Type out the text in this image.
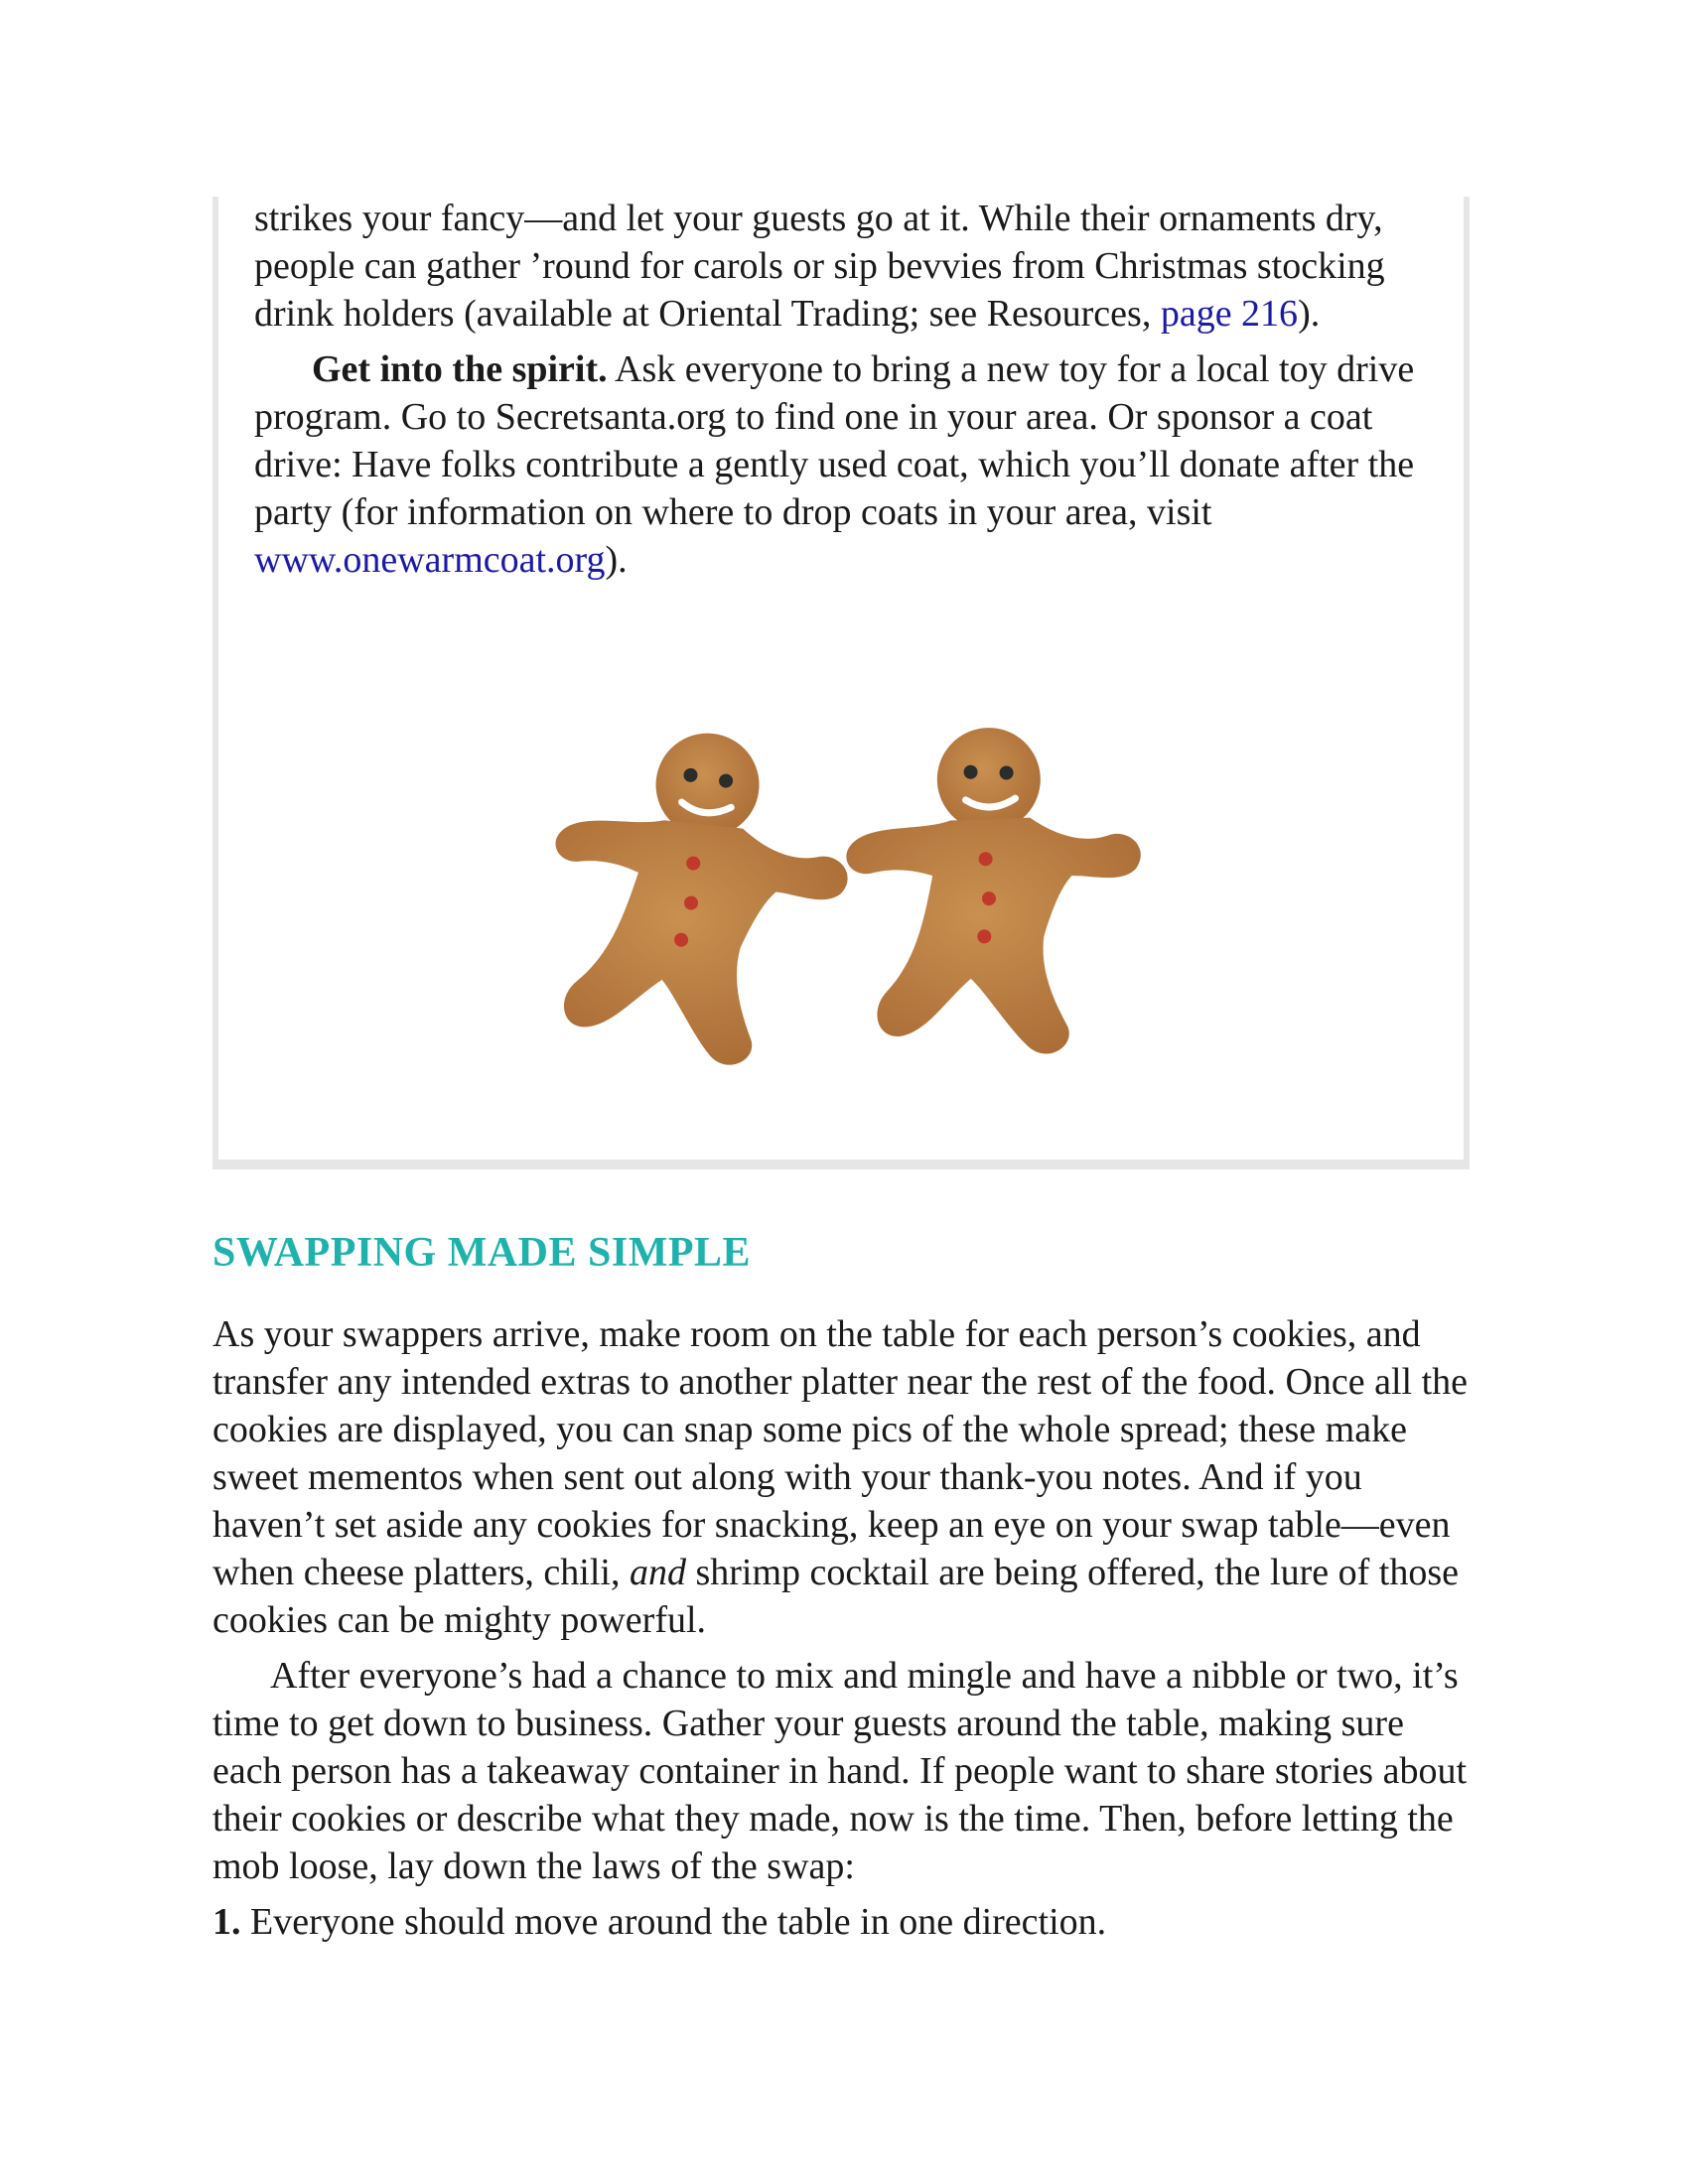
strikes your fancy—and let your guests go at it. While their ornaments dry, people can gather ’round for carols or sip bevvies from Christmas stocking drink holders (available at Oriental Trading; see Resources, page 216).

Get into the spirit. Ask everyone to bring a new toy for a local toy drive program. Go to Secretsanta.org to find one in your area. Or sponsor a coat drive: Have folks contribute a gently used coat, which you’ll donate after the party (for information on where to drop coats in your area, visit www.onewarmcoat.org).

SWAPPING MADE SIMPLE

As your swappers arrive, make room on the table for each person’s cookies, and transfer any intended extras to another platter near the rest of the food. Once all the cookies are displayed, you can snap some pics of the whole spread; these make sweet mementos when sent out along with your thank-you notes. And if you haven’t set aside any cookies for snacking, keep an eye on your swap table—even when cheese platters, chili, and shrimp cocktail are being offered, the lure of those cookies can be mighty powerful.

After everyone’s had a chance to mix and mingle and have a nibble or two, it’s time to get down to business. Gather your guests around the table, making sure each person has a takeaway container in hand. If people want to share stories about their cookies or describe what they made, now is the time. Then, before letting the mob loose, lay down the laws of the swap:

1. Everyone should move around the table in one direction.
